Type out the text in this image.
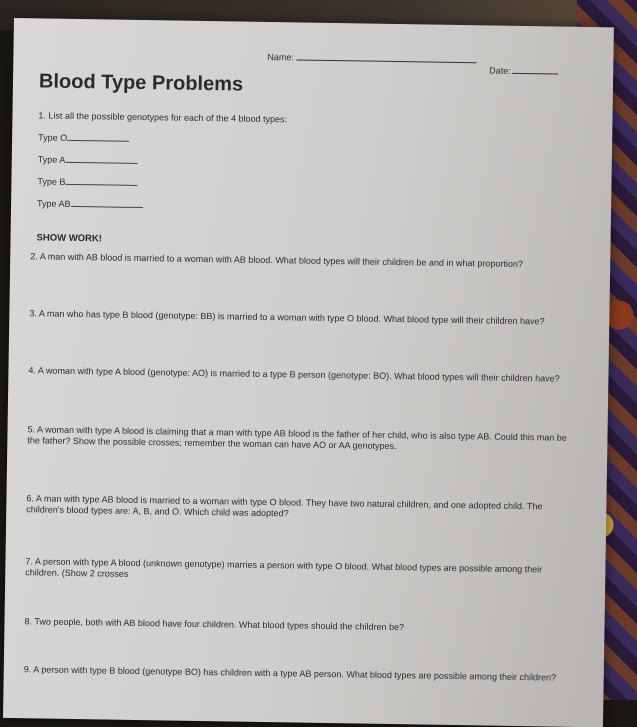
Name:
Date:
Blood Type Problems
1. List all the possible genotypes for each of the 4 blood types:
Type O
Type A
Type B
Type AB
SHOW WORK!
2. A man with AB blood is married to a woman with AB blood. What blood types will their children be and in what proportion?
3. A man who has type B blood (genotype: BB) is married to a woman with type O blood. What blood type will their children have?
4. A woman with type A blood (genotype: AO) is married to a type B person (genotype: BO). What blood types will their children have?
5. A woman with type A blood is claiming that a man with type AB blood is the father of her child, who is also type AB. Could this man be the father? Show the possible crosses; remember the woman can have AO or AA genotypes.
6. A man with type AB blood is married to a woman with type O blood. They have two natural children, and one adopted child. The children's blood types are: A, B, and O. Which child was adopted?
7. A person with type A blood (unknown genotype) marries a person with type O blood. What blood types are possible among their children. (Show 2 crosses
8. Two people, both with AB blood have four children. What blood types should the children be?
9. A person with type B blood (genotype BO) has children with a type AB person. What blood types are possible among their children?
